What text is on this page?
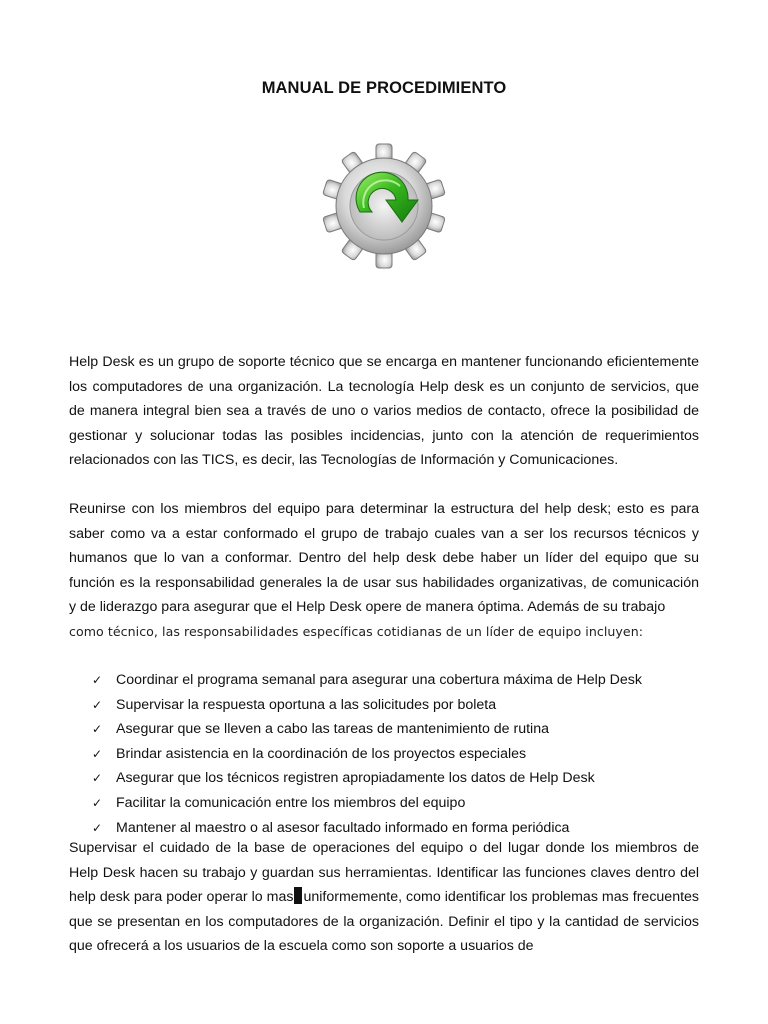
MANUAL DE PROCEDIMIENTO

Help Desk es un grupo de soporte técnico que se encarga en mantener funcionando eficientemente los computadores de una organización. La tecnología Help desk es un conjunto de servicios, que de manera integral bien sea a través de uno o varios medios de contacto, ofrece la posibilidad de gestionar y solucionar todas las posibles incidencias, junto con la atención de requerimientos relacionados con las TICS, es decir, las Tecnologías de Información y Comunicaciones.

Reunirse con los miembros del equipo para determinar la estructura del help desk; esto es para saber como va a estar conformado el grupo de trabajo cuales van a ser los recursos técnicos y humanos que lo van a conformar. Dentro del help desk debe haber un líder del equipo que su función es la responsabilidad generales la de usar sus habilidades organizativas, de comunicación y de liderazgo para asegurar que el Help Desk opere de manera óptima. Además de su trabajo

como técnico, las responsabilidades específicas cotidianas de un líder de equipo incluyen:

✓ Coordinar el programa semanal para asegurar una cobertura máxima de Help Desk
✓ Supervisar la respuesta oportuna a las solicitudes por boleta
✓ Asegurar que se lleven a cabo las tareas de mantenimiento de rutina
✓ Brindar asistencia en la coordinación de los proyectos especiales
✓ Asegurar que los técnicos registren apropiadamente los datos de Help Desk
✓ Facilitar la comunicación entre los miembros del equipo
✓ Mantener al maestro o al asesor facultado informado en forma periódica

Supervisar el cuidado de la base de operaciones del equipo o del lugar donde los miembros de Help Desk hacen su trabajo y guardan sus herramientas. Identificar las funciones claves dentro del help desk para poder operar lo mas uniformemente, como identificar los problemas mas frecuentes que se presentan en los computadores de la organización. Definir el tipo y la cantidad de servicios que ofrecerá a los usuarios de la escuela como son soporte a usuarios de
